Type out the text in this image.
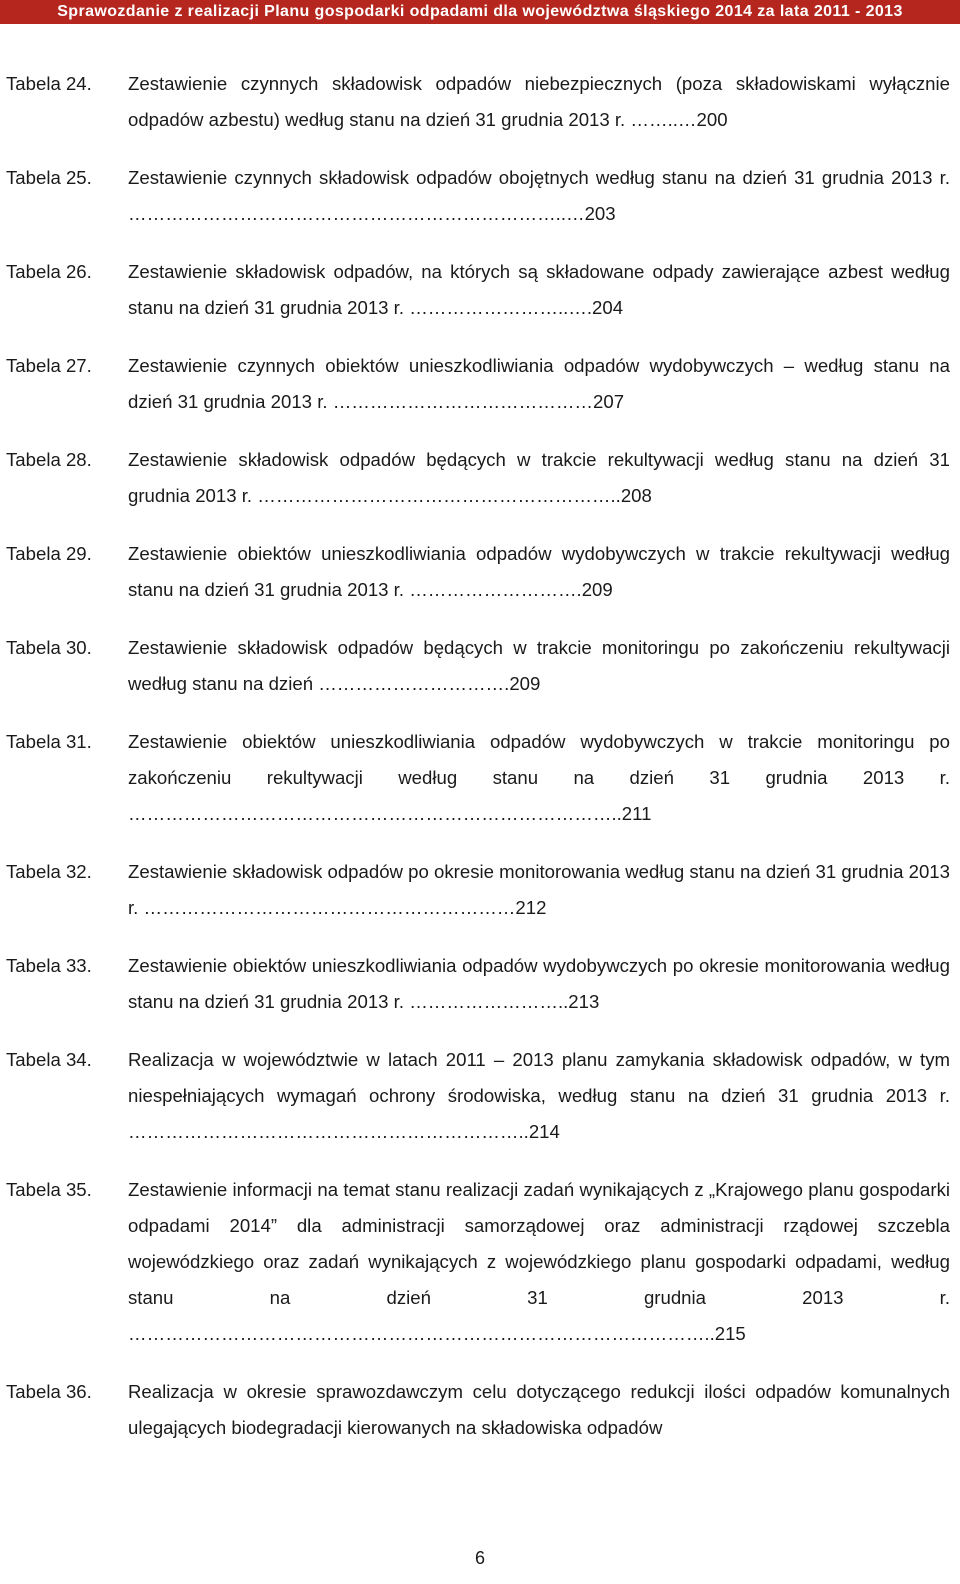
Sprawozdanie z realizacji Planu gospodarki odpadami dla województwa śląskiego 2014 za lata 2011 - 2013
Tabela 24.	Zestawienie czynnych składowisk odpadów niebezpiecznych (poza składowiskami wyłącznie odpadów azbestu) według stanu na dzień 31 grudnia 2013 r. ……..…200
Tabela 25.	Zestawienie czynnych składowisk odpadów obojętnych według stanu na dzień 31 grudnia 2013 r. ……………………………………………………………..…203
Tabela 26.	Zestawienie składowisk odpadów, na których są składowane odpady zawierające azbest według stanu na dzień 31 grudnia 2013 r. ……………………..….204
Tabela 27.	Zestawienie czynnych obiektów unieszkodliwiania odpadów wydobywczych – według stanu na dzień 31 grudnia 2013 r. ……………………………………207
Tabela 28.	Zestawienie składowisk odpadów będących w trakcie rekultywacji według stanu na dzień 31 grudnia 2013 r. …………………………………………………..208
Tabela 29.	Zestawienie obiektów unieszkodliwiania odpadów wydobywczych w trakcie rekultywacji według stanu na dzień 31 grudnia 2013 r. ……………………….209
Tabela 30.	Zestawienie składowisk odpadów będących w trakcie monitoringu po zakończeniu rekultywacji według stanu na dzień ………………………….209
Tabela 31.	Zestawienie obiektów unieszkodliwiania odpadów wydobywczych w trakcie monitoringu po zakończeniu rekultywacji według stanu na dzień 31 grudnia 2013 r. ……………………………………………………………………..211
Tabela 32.	Zestawienie składowisk odpadów po okresie monitorowania według stanu na dzień 31 grudnia 2013 r. ……………………………………………………212
Tabela 33.	Zestawienie obiektów unieszkodliwiania odpadów wydobywczych po okresie monitorowania według stanu na dzień 31 grudnia 2013 r. ……………………..213
Tabela 34.	Realizacja w województwie w latach 2011 – 2013 planu zamykania składowisk odpadów, w tym niespełniających wymagań ochrony środowiska, według stanu na dzień 31 grudnia 2013 r. ………………………………………………………..214
Tabela 35.	Zestawienie informacji na temat stanu realizacji zadań wynikających z „Krajowego planu gospodarki odpadami 2014” dla administracji samorządowej oraz administracji rządowej szczebla wojewódzkiego oraz zadań wynikających z wojewódzkiego planu gospodarki odpadami, według stanu na dzień 31 grudnia 2013 r. …………………………………………………………………………………..215
Tabela 36.	Realizacja w okresie sprawozdawczym celu dotyczącego redukcji ilości odpadów komunalnych ulegających biodegradacji kierowanych na składowiska odpadów
6
